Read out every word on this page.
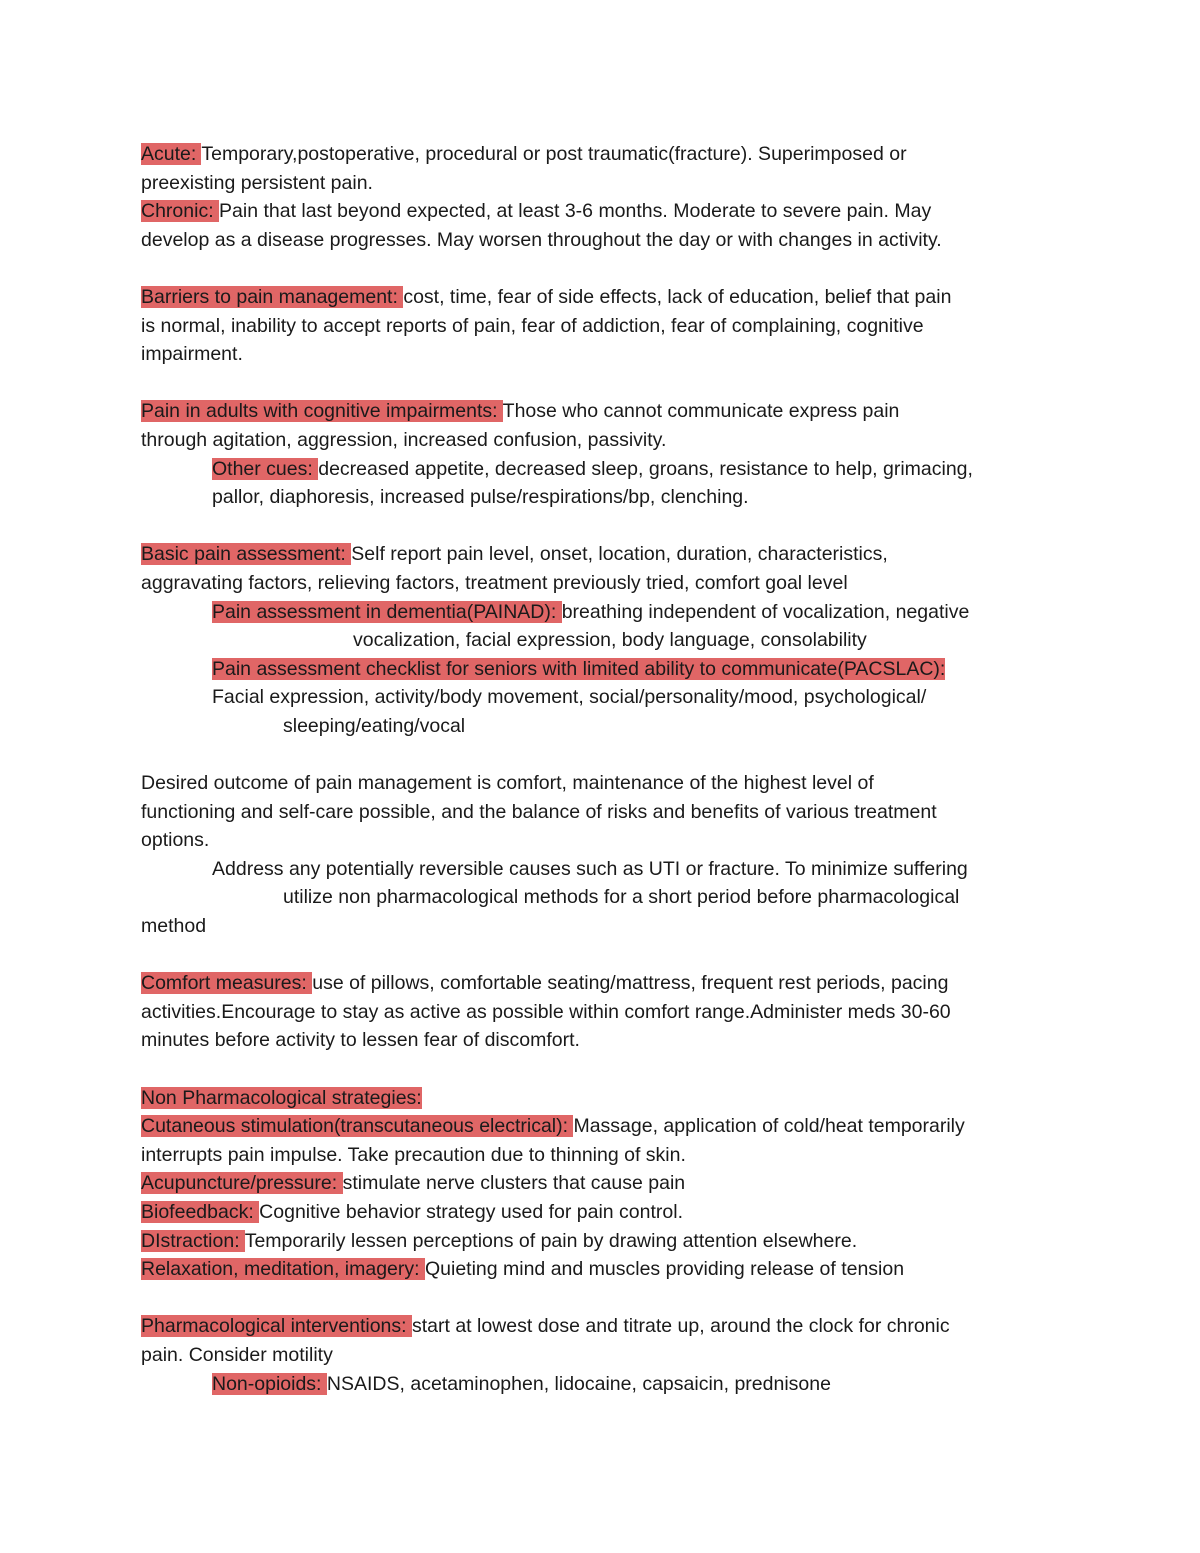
Acute: Temporary,postoperative, procedural or post traumatic(fracture). Superimposed or
preexisting persistent pain.
Chronic: Pain that last beyond expected, at least 3-6 months. Moderate to severe pain. May
develop as a disease progresses. May worsen throughout the day or with changes in activity.
Barriers to pain management: cost, time, fear of side effects, lack of education, belief that pain
is normal, inability to accept reports of pain, fear of addiction, fear of complaining, cognitive
impairment.
Pain in adults with cognitive impairments: Those who cannot communicate express pain
through agitation, aggression, increased confusion, passivity.
Other cues: decreased appetite, decreased sleep, groans, resistance to help, grimacing,
pallor, diaphoresis, increased pulse/respirations/bp, clenching.
Basic pain assessment: Self report pain level, onset, location, duration, characteristics,
aggravating factors, relieving factors, treatment previously tried, comfort goal level
Pain assessment in dementia(PAINAD): breathing independent of vocalization, negative
vocalization, facial expression, body language, consolability
Pain assessment checklist for seniors with limited ability to communicate(PACSLAC):
Facial expression, activity/body movement, social/personality/mood, psychological/
sleeping/eating/vocal
Desired outcome of pain management is comfort, maintenance of the highest level of
functioning and self-care possible, and the balance of risks and benefits of various treatment
options.
Address any potentially reversible causes such as UTI or fracture. To minimize suffering
utilize non pharmacological methods for a short period before pharmacological
method
Comfort measures: use of pillows, comfortable seating/mattress, frequent rest periods, pacing
activities.Encourage to stay as active as possible within comfort range.Administer meds 30-60
minutes before activity to lessen fear of discomfort.
Non Pharmacological strategies:
Cutaneous stimulation(transcutaneous electrical): Massage, application of cold/heat temporarily
interrupts pain impulse. Take precaution due to thinning of skin.
Acupuncture/pressure: stimulate nerve clusters that cause pain
Biofeedback: Cognitive behavior strategy used for pain control.
DIstraction: Temporarily lessen perceptions of pain by drawing attention elsewhere.
Relaxation, meditation, imagery: Quieting mind and muscles providing release of tension
Pharmacological interventions: start at lowest dose and titrate up, around the clock for chronic
pain. Consider motility
Non-opioids: NSAIDS, acetaminophen, lidocaine, capsaicin, prednisone
